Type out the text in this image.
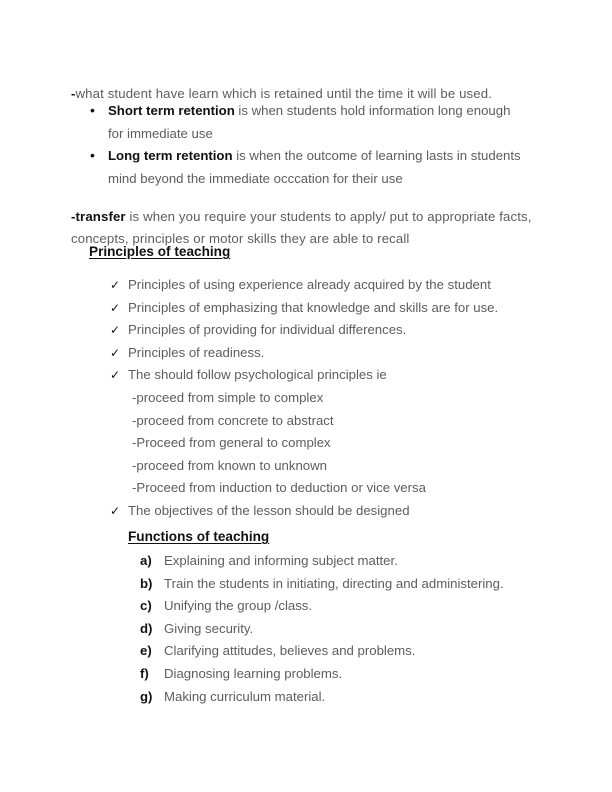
-what student have learn which is retained until the time it will be used.

• Short term retention is when students hold information long enough for immediate use
• Long term retention is when the outcome of learning lasts in students mind beyond the immediate occcation for their use

-transfer is when you require your students to apply/ put to appropriate facts, concepts, principles or motor skills they are able to recall

Principles of teaching
✓ Principles of using experience already acquired by the student
✓ Principles of emphasizing that knowledge and skills are for use.
✓ Principles of providing for individual differences.
✓ Principles of readiness.
✓ The should follow psychological principles ie
-proceed from simple to complex
-proceed from concrete to abstract
-Proceed from general to complex
-proceed from known to unknown
-Proceed from induction to deduction or vice versa
✓ The objectives of the lesson should be designed
Functions of teaching
a) Explaining and informing subject matter.
b) Train the students in initiating, directing and administering.
c) Unifying the group /class.
d) Giving security.
e) Clarifying attitudes, believes and problems.
f)	Diagnosing learning problems.
g) Making curriculum material.
